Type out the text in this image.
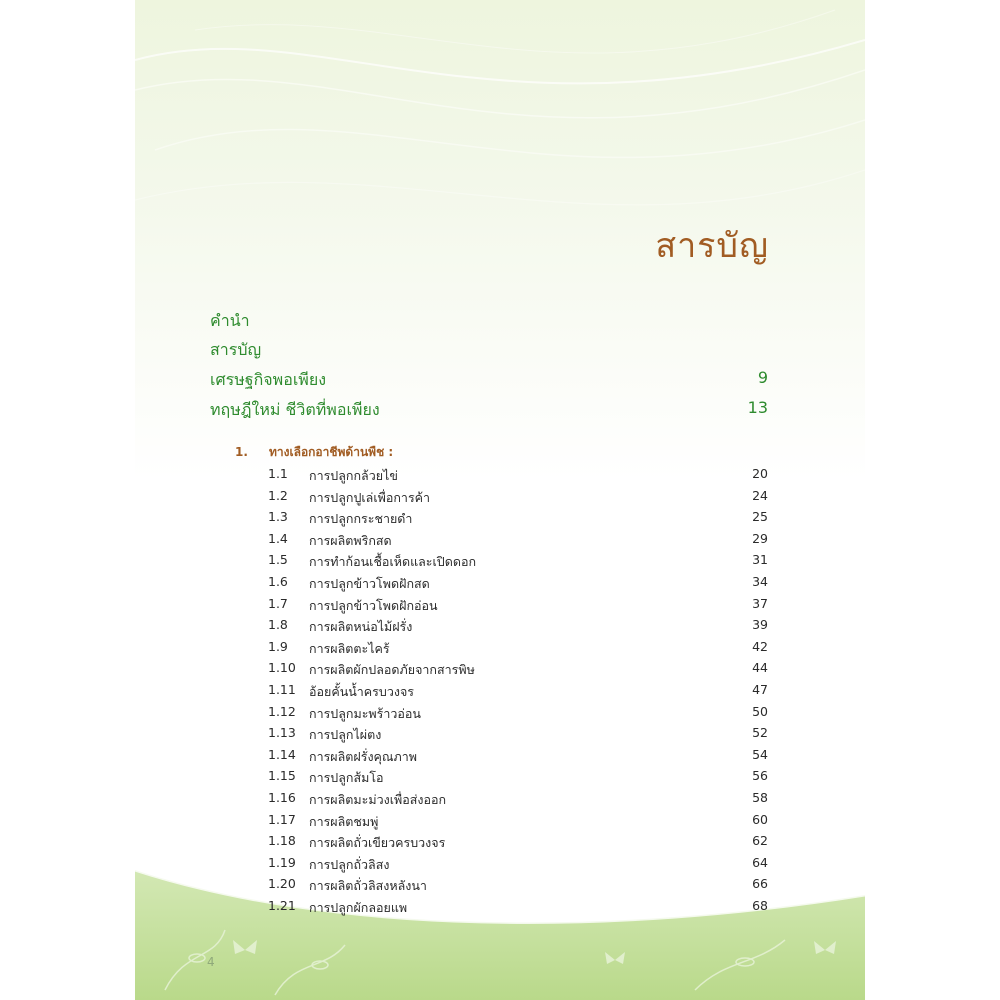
สารบัญ
คำนำ
สารบัญ
เศรษฐกิจพอเพียง	9
ทฤษฎีใหม่ ชีวิตที่พอเพียง	13
1. ทางเลือกอาชีพด้านพืช :
1.1 การปลูกกล้วยไข่	20
1.2 การปลูกปูเล่เพื่อการค้า	24
1.3 การปลูกกระชายดำ	25
1.4 การผลิตพริกสด	29
1.5 การทำก้อนเชื้อเห็ดและเปิดดอก	31
1.6 การปลูกข้าวโพดฝักสด	34
1.7 การปลูกข้าวโพดฝักอ่อน	37
1.8 การผลิตหน่อไม้ฝรั่ง	39
1.9 การผลิตตะไคร้	42
1.10 การผลิตผักปลอดภัยจากสารพิษ	44
1.11 อ้อยคั้นน้ำครบวงจร	47
1.12 การปลูกมะพร้าวอ่อน	50
1.13 การปลูกไผ่ตง	52
1.14 การผลิตฝรั่งคุณภาพ	54
1.15 การปลูกส้มโอ	56
1.16 การผลิตมะม่วงเพื่อส่งออก	58
1.17 การผลิตชมพู่	60
1.18 การผลิตถั่วเขียวครบวงจร	62
1.19 การปลูกถั่วลิสง	64
1.20 การผลิตถั่วลิสงหลังนา	66
1.21 การปลูกผักลอยแพ	68
4
